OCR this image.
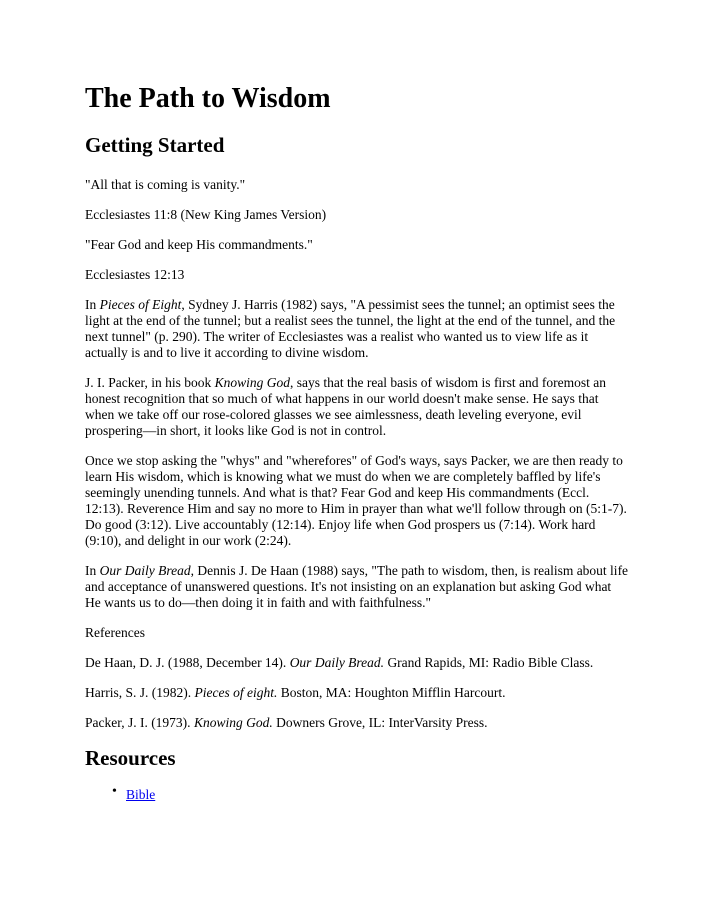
The Path to Wisdom
Getting Started

"All that is coming is vanity."

Ecclesiastes 11:8 (New King James Version)

"Fear God and keep His commandments."

Ecclesiastes 12:13

In Pieces of Eight, Sydney J. Harris (1982) says, "A pessimist sees the tunnel; an optimist sees the light at the end of the tunnel; but a realist sees the tunnel, the light at the end of the tunnel, and the next tunnel" (p. 290). The writer of Ecclesiastes was a realist who wanted us to view life as it actually is and to live it according to divine wisdom.

J. I. Packer, in his book Knowing God, says that the real basis of wisdom is first and foremost an honest recognition that so much of what happens in our world doesn't make sense. He says that when we take off our rose-colored glasses we see aimlessness, death leveling everyone, evil prospering—in short, it looks like God is not in control.

Once we stop asking the "whys" and "wherefores" of God's ways, says Packer, we are then ready to learn His wisdom, which is knowing what we must do when we are completely baffled by life's seemingly unending tunnels. And what is that? Fear God and keep His commandments (Eccl. 12:13). Reverence Him and say no more to Him in prayer than what we'll follow through on (5:1-7). Do good (3:12). Live accountably (12:14). Enjoy life when God prospers us (7:14). Work hard (9:10), and delight in our work (2:24).

In Our Daily Bread, Dennis J. De Haan (1988) says, "The path to wisdom, then, is realism about life and acceptance of unanswered questions. It's not insisting on an explanation but asking God what He wants us to do—then doing it in faith and with faithfulness."

References

De Haan, D. J. (1988, December 14). Our Daily Bread. Grand Rapids, MI: Radio Bible Class.

Harris, S. J. (1982). Pieces of eight. Boston, MA: Houghton Mifflin Harcourt.

Packer, J. I. (1973). Knowing God. Downers Grove, IL: InterVarsity Press.

Resources
• Bible
